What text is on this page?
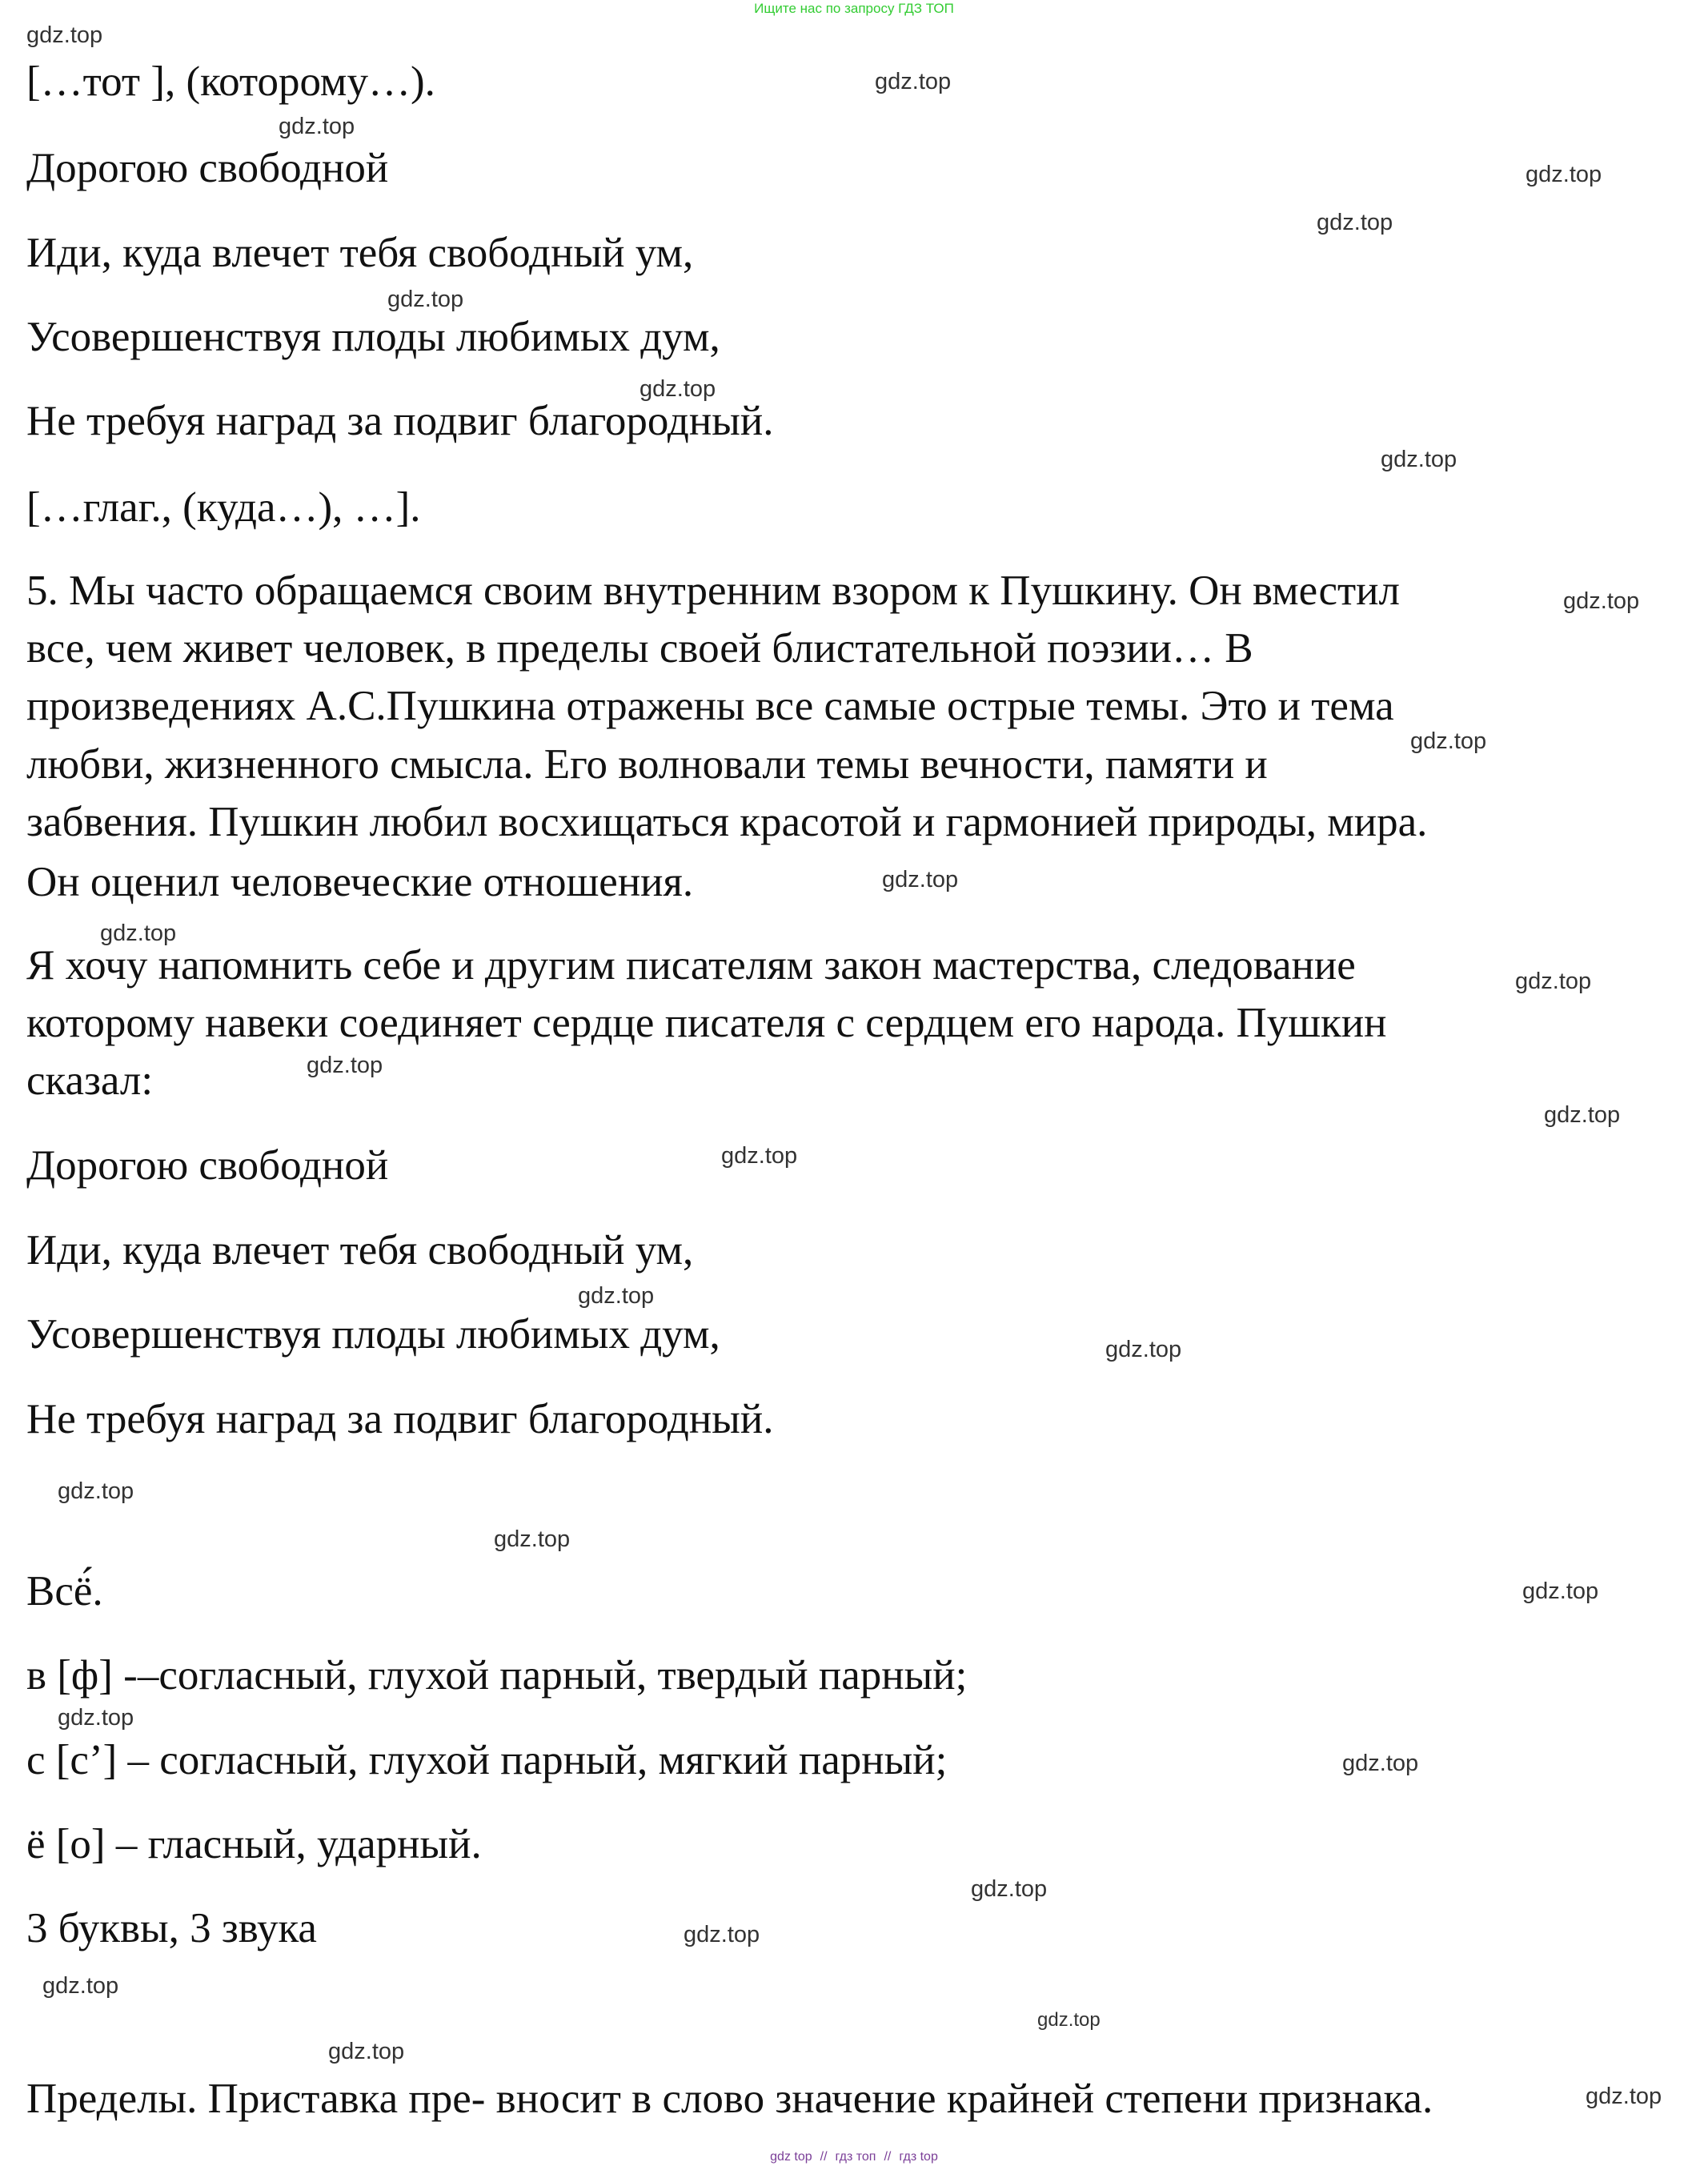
Ищите нас по запросу ГДЗ ТОП

[…тот ], (которому…).

Дорогою свободной

Иди, куда влечет тебя свободный ум,

Усовершенствуя плоды любимых дум,

Не требуя наград за подвиг благородный.

[…глаг., (куда…), …].

5. Мы часто обращаемся своим внутренним взором к Пушкину. Он вместил

все, чем живет человек, в пределы своей блистательной поэзии… В

произведениях А.С.Пушкина отражены все самые острые темы. Это и тема

любви, жизненного смысла. Его волновали темы вечности, памяти и

забвения. Пушкин любил восхищаться красотой и гармонией природы, мира.

Он оценил человеческие отношения.

Я хочу напомнить себе и другим писателям закон мастерства, следование

которому навеки соединяет сердце писателя с сердцем его народа. Пушкин

сказал:

Дорогою свободной

Иди, куда влечет тебя свободный ум,

Усовершенствуя плоды любимых дум,

Не требуя наград за подвиг благородный.

Всё́.

в [ф] -–согласный, глухой парный, твердый парный;

с [с’] – согласный, глухой парный, мягкий парный;

ё [о] – гласный, ударный.

3 буквы, 3 звука

Пределы. Приставка пре- вносит в слово значение крайней степени признака.

gdz.top
gdz.top
gdz.top
gdz.top
gdz.top
gdz.top
gdz.top
gdz.top
gdz.top
gdz.top
gdz.top
gdz.top
gdz.top
gdz.top
gdz.top
gdz.top
gdz.top
gdz.top
gdz.top
gdz.top
gdz.top
gdz.top
gdz.top
gdz.top
gdz.top
gdz.top
gdz.top
gdz.top
gdz.top
gdz top // гдз топ // гдз top
